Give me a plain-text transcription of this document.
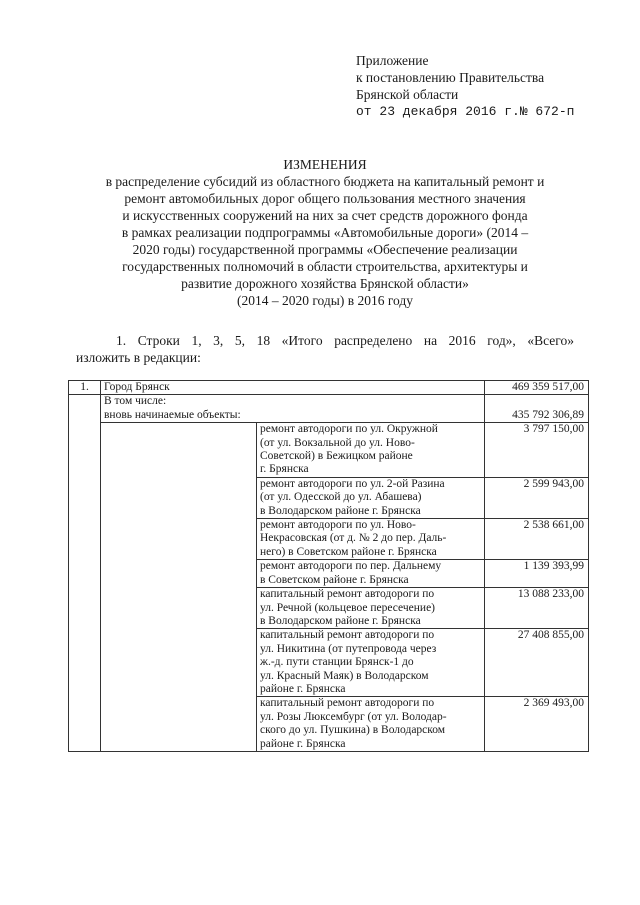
Приложение
к постановлению Правительства
Брянской области
от 23 декабря 2016 г.№ 672-п
ИЗМЕНЕНИЯ
в распределение субсидий из областного бюджета на капитальный ремонт и
ремонт автомобильных дорог общего пользования местного значения
и искусственных сооружений на них за счет средств дорожного фонда
в рамках реализации подпрограммы «Автомобильные дороги» (2014 –
2020 годы) государственной программы «Обеспечение реализации
государственных полномочий в области строительства, архитектуры и
развитие дорожного хозяйства Брянской области»
(2014 – 2020 годы) в 2016 году
1. Строки 1, 3, 5, 18 «Итого распределено на 2016 год», «Всего»
изложить в редакции:
1.	Город Брянск		469 359 517,00

	В том числе:
вновь начинаемые объекты:		435 792 306,89

		ремонт автодороги по ул. Окружной
(от ул. Вокзальной до ул. Ново-
Советской) в Бежицком районе
г. Брянска	3 797 150,00

		ремонт автодороги по ул. 2-ой Разина
(от ул. Одесской до ул. Абашева)
в Володарском районе г. Брянска	2 599 943,00

		ремонт автодороги по ул. Ново-
Некрасовская (от д. № 2 до пер. Даль-
него) в Советском районе г. Брянска	2 538 661,00

		ремонт автодороги по пер. Дальнему
в Советском районе г. Брянска	1 139 393,99

		капитальный ремонт автодороги по
ул. Речной (кольцевое пересечение)
в Володарском районе г. Брянска	13 088 233,00

		капитальный ремонт автодороги по
ул. Никитина (от путепровода через
ж.-д. пути станции Брянск-1 до
ул. Красный Маяк) в Володарском
районе г. Брянска	27 408 855,00

		капитальный ремонт автодороги по
ул. Розы Люксембург (от ул. Володар-
ского до ул. Пушкина) в Володарском
районе г. Брянска	2 369 493,00
